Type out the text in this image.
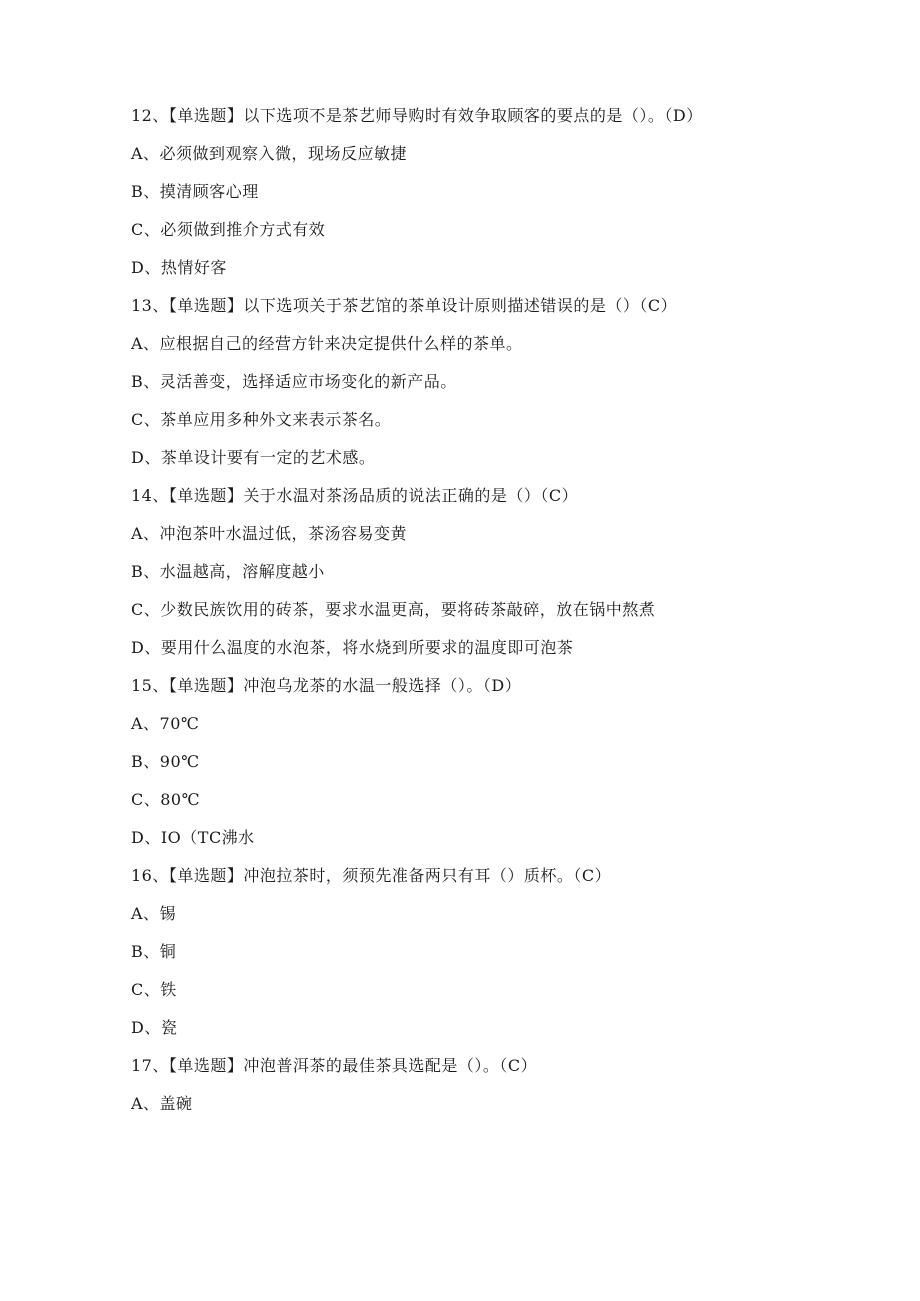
12、【单选题】以下选项不是茶艺师导购时有效争取顾客的要点的是（）。（D）
A、必须做到观察入微，现场反应敏捷
B、摸清顾客心理
C、必须做到推介方式有效
D、热情好客
13、【单选题】以下选项关于茶艺馆的茶单设计原则描述错误的是（）（C）
A、应根据自己的经营方针来决定提供什么样的茶单。
B、灵活善变，选择适应市场变化的新产品。
C、茶单应用多种外文来表示茶名。
D、茶单设计要有一定的艺术感。
14、【单选题】关于水温对茶汤品质的说法正确的是（）（C）
A、冲泡茶叶水温过低，茶汤容易变黄
B、水温越高，溶解度越小
C、少数民族饮用的砖茶，要求水温更高，要将砖茶敲碎，放在锅中熬煮
D、要用什么温度的水泡茶，将水烧到所要求的温度即可泡茶
15、【单选题】冲泡乌龙茶的水温一般选择（）。（D）
A、70℃
B、90℃
C、80℃
D、IO（TC沸水
16、【单选题】冲泡拉茶时，须预先准备两只有耳（）质杯。（C）
A、锡
B、铜
C、铁
D、瓷
17、【单选题】冲泡普洱茶的最佳茶具选配是（）。（C）
A、盖碗
